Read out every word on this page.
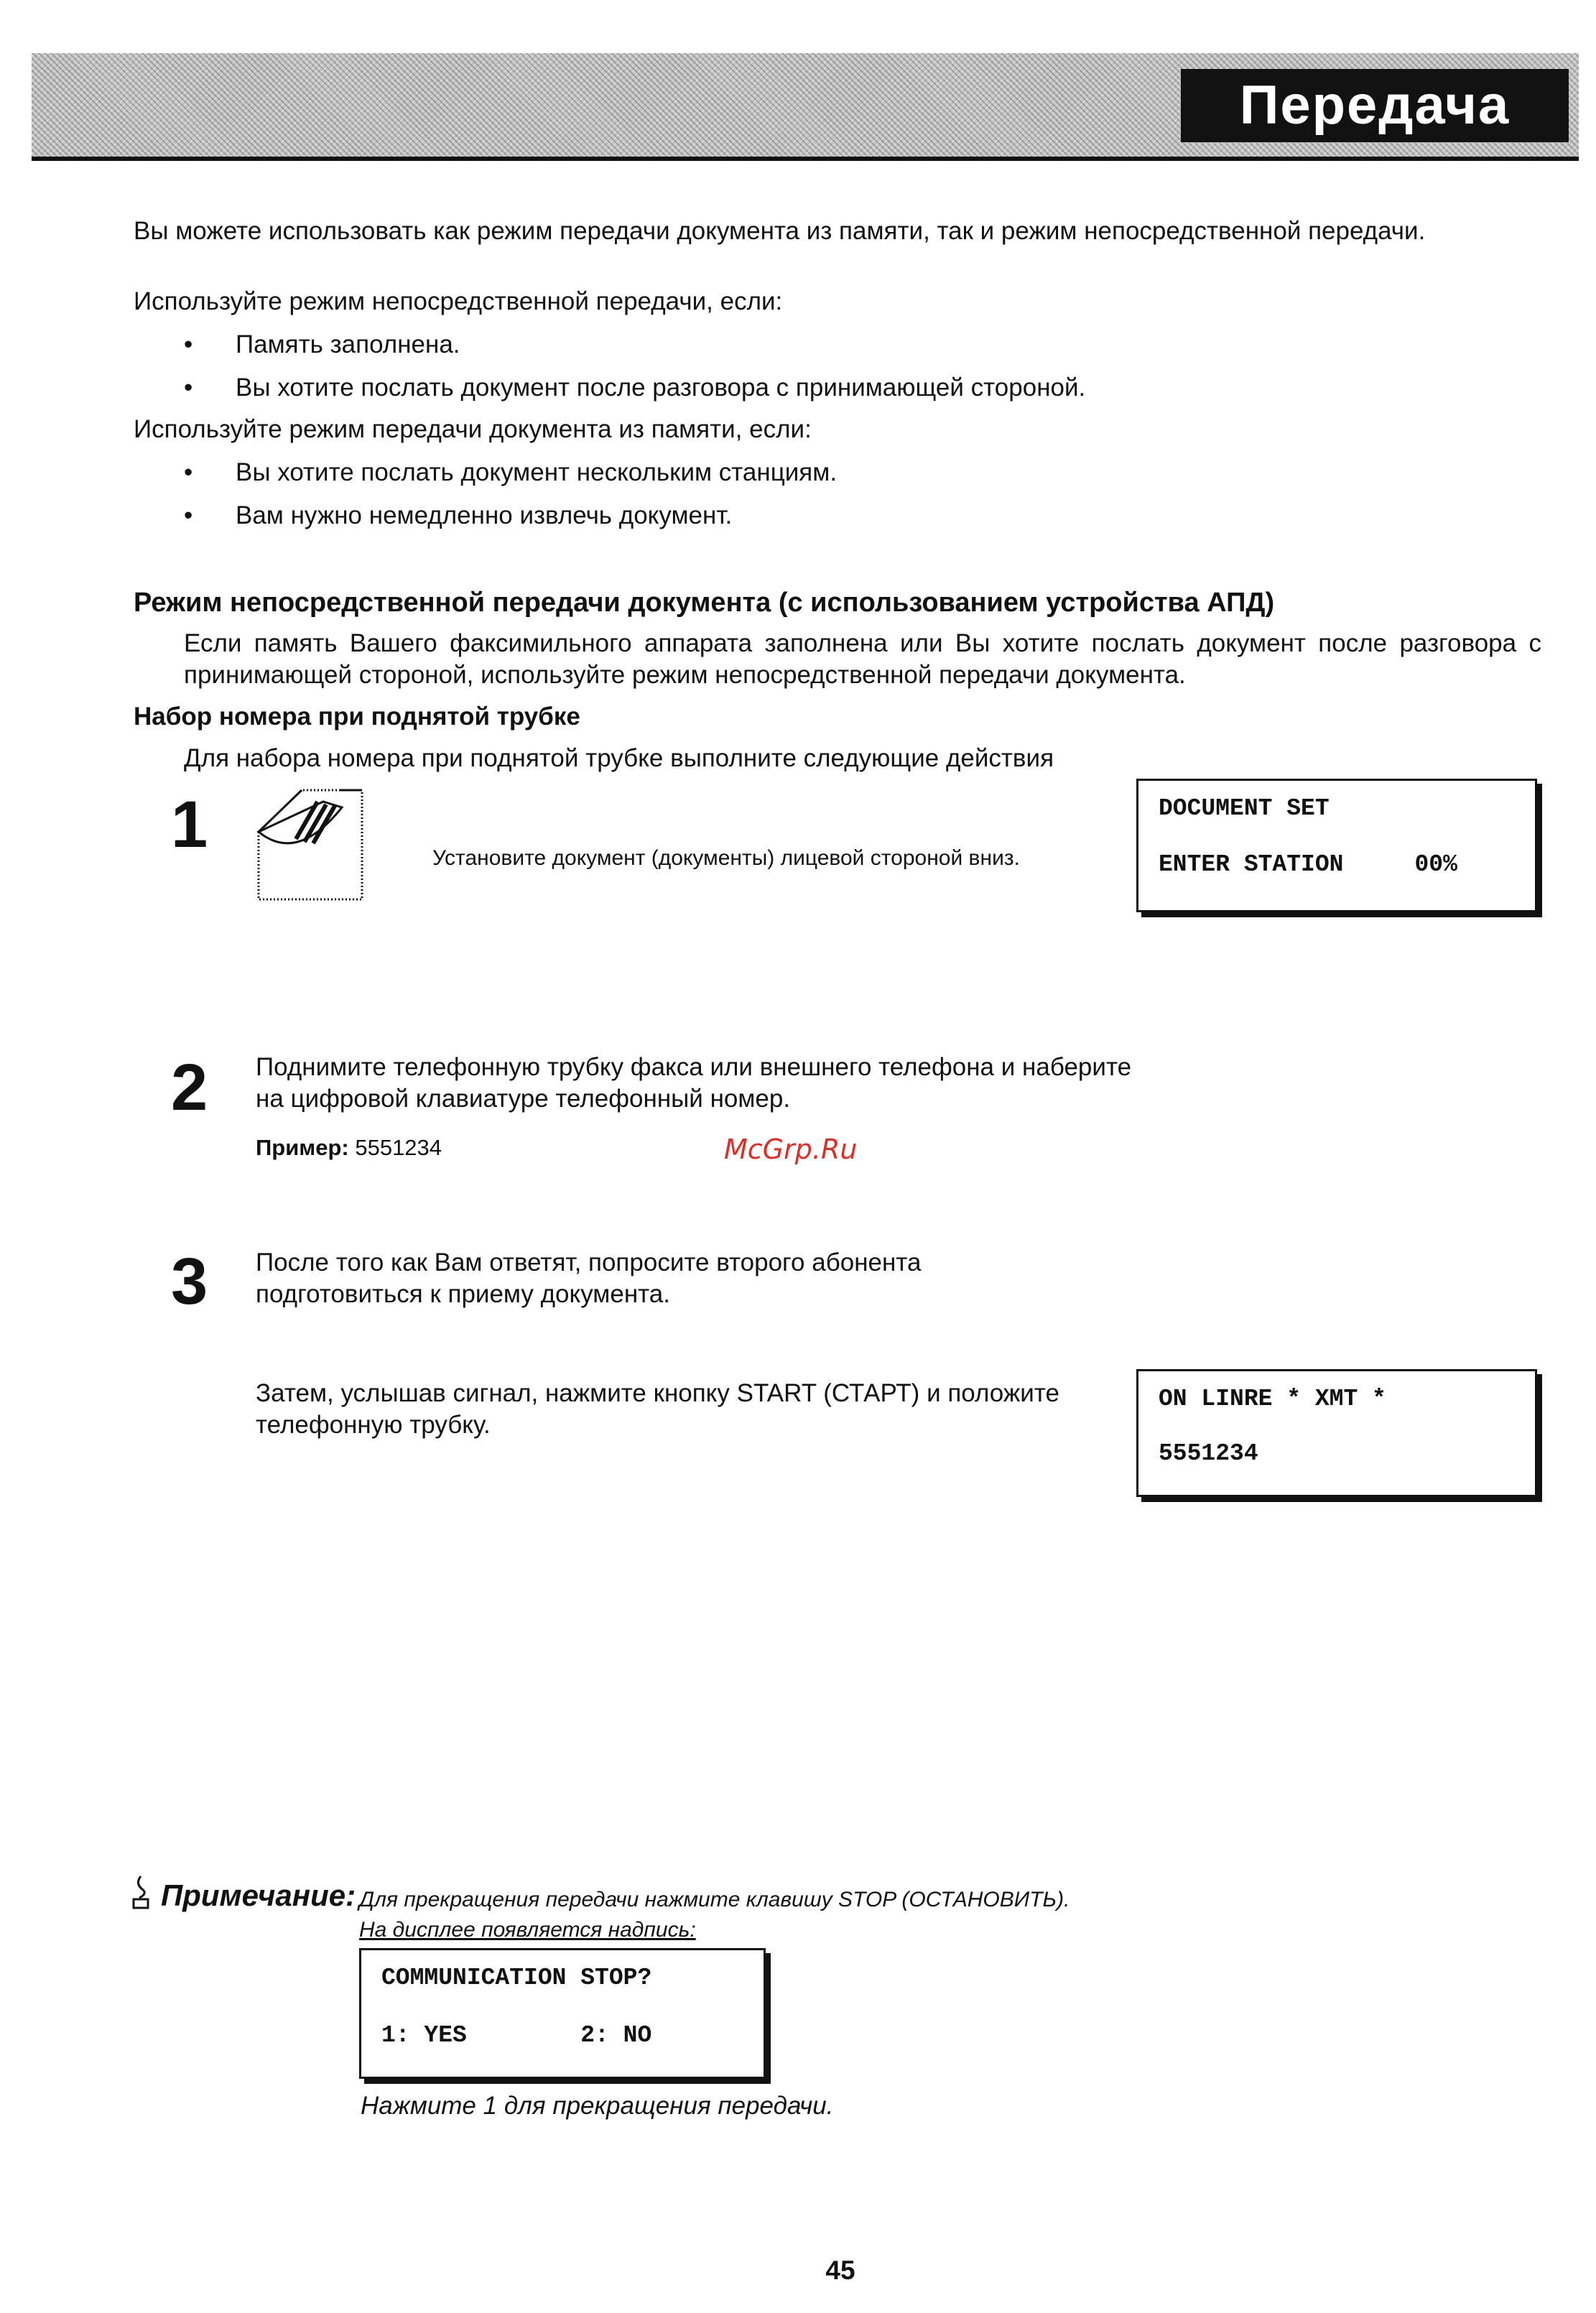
Передача документов
Вы можете использовать как режим передачи документа из памяти, так и режим непосредственной передачи.
Используйте режим непосредственной передачи, если:
• Память заполнена.
• Вы хотите послать документ после разговора с принимающей стороной.
Используйте режим передачи документа из памяти, если:
• Вы хотите послать документ нескольким станциям.
• Вам нужно немедленно извлечь документ.
Режим непосредственной передачи документа (с использованием устройства АПД)
Если память Вашего факсимильного аппарата заполнена или Вы хотите послать документ после разговора с принимающей стороной, используйте режим непосредственной передачи документа.
Набор номера при поднятой трубке
Для набора номера при поднятой трубке выполните следующие действия
1	Установите документ (документы) лицевой стороной вниз.
DOCUMENT SET
ENTER STATION     00%
2 Поднимите телефонную трубку факса или внешнего телефона и наберите на цифровой клавиатуре телефонный номер.
Пример: 5551234	McGrp.Ru
3 После того как Вам ответят, попросите второго абонента подготовиться к приему документа.
Затем, услышав сигнал, нажмите кнопку START (СТАРТ) и положите телефонную трубку.
ON LINRE * XMT *
5551234
Примечание: Для прекращения передачи нажмите клавишу STOP (ОСТАНОВИТЬ).
На дисплее появляется надпись:
COMMUNICATION STOP?
1: YES        2: NO
Нажмите 1 для прекращения передачи.
45
